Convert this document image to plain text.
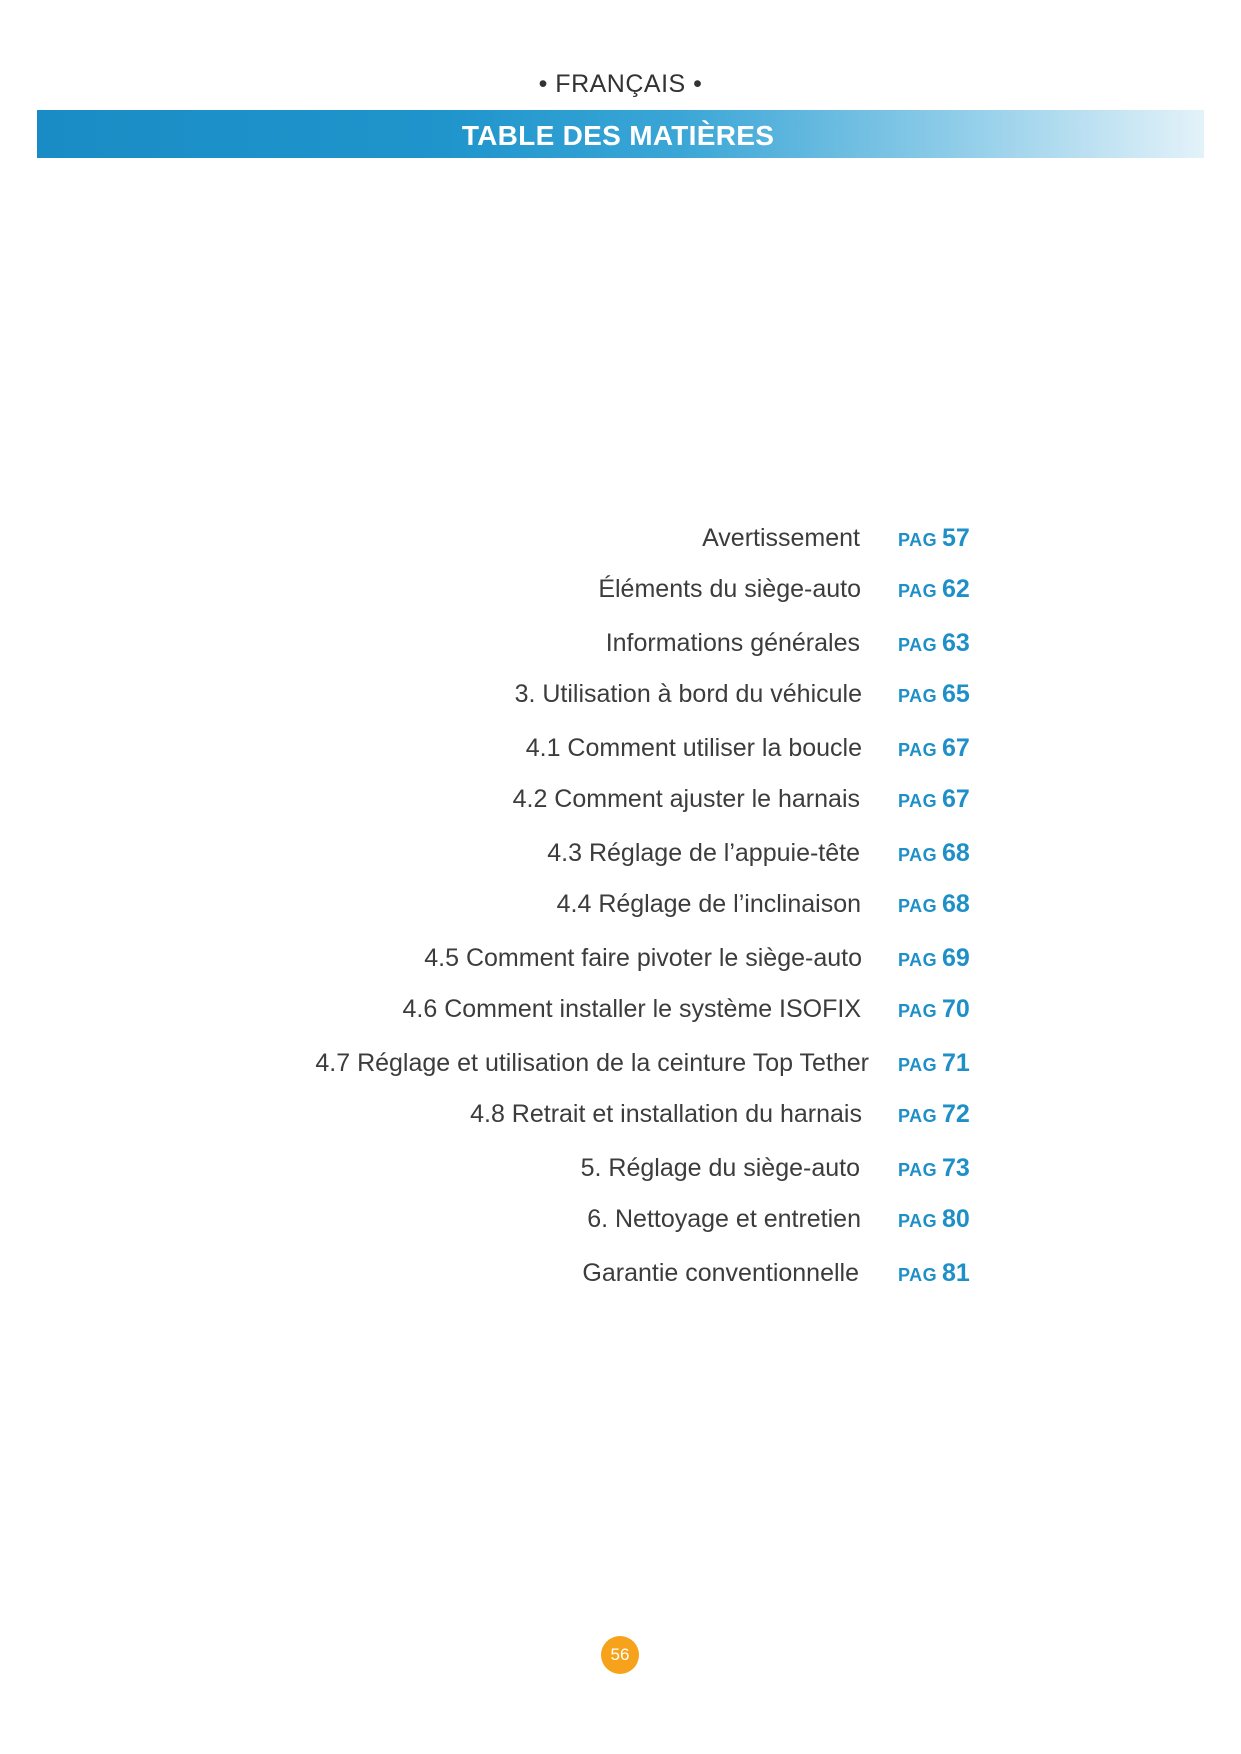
• FRANÇAIS •
TABLE DES MATIÈRES
Avertissement PAG 57
Éléments du siège-auto PAG 62
Informations générales PAG 63
3. Utilisation à bord du véhicule PAG 65
4.1 Comment utiliser la boucle PAG 67
4.2 Comment ajuster le harnais PAG 67
4.3 Réglage de l’appuie-tête PAG 68
4.4 Réglage de l’inclinaison PAG 68
4.5 Comment faire pivoter le siège-auto PAG 69
4.6 Comment installer le système ISOFIX PAG 70
4.7 Réglage et utilisation de la ceinture Top Tether PAG 71
4.8 Retrait et installation du harnais PAG 72
5. Réglage du siège-auto PAG 73
6. Nettoyage et entretien PAG 80
Garantie conventionnelle PAG 81
56
